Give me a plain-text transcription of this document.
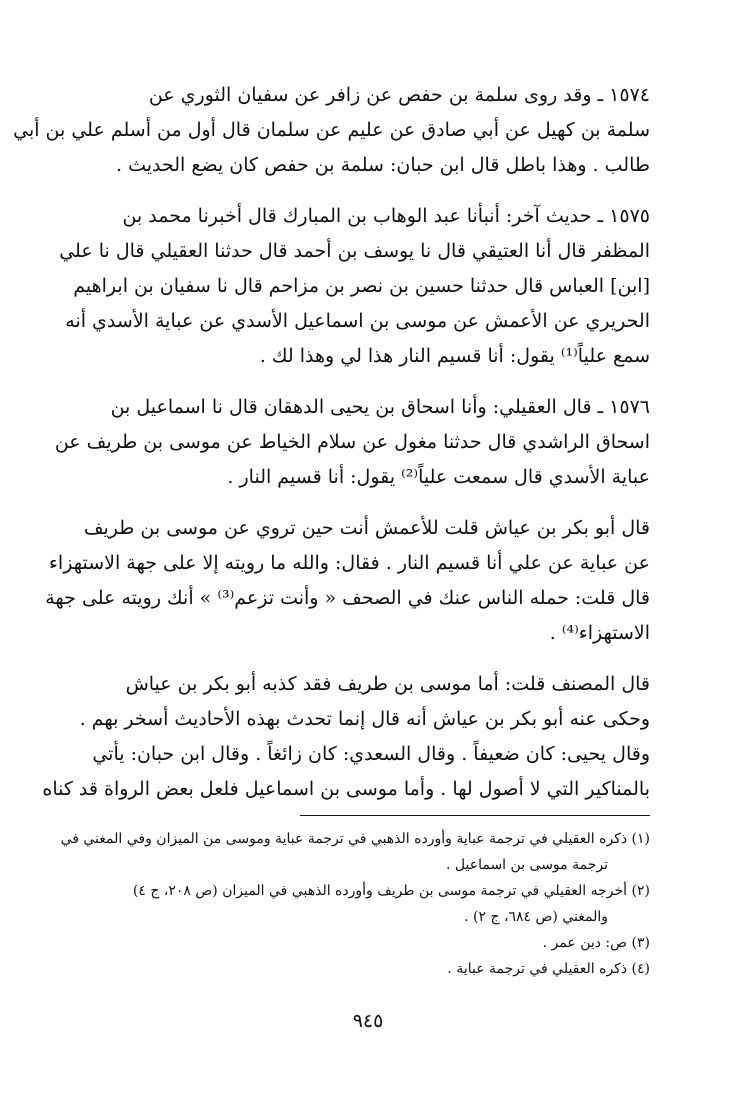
١٥٧٤ ـ وقد روى سلمة بن حفص عن زافر عن سفيان الثوري عن
سلمة بن كهيل عن أبي صادق عن عليم عن سلمان قال أول من أسلم علي بن أبي
طالب . وهذا باطل قال ابن حبان: سلمة بن حفص كان يضع الحديث .
١٥٧٥ ـ حديث آخر: أنبأنا عبد الوهاب بن المبارك قال أخبرنا محمد بن
المظفر قال أنا العتيقي قال نا يوسف بن أحمد قال حدثنا العقيلي قال نا علي
[ابن] العباس قال حدثنا حسين بن نصر بن مزاحم قال نا سفيان بن ابراهيم
الحريري عن الأعمش عن موسى بن اسماعيل الأسدي عن عباية الأسدي أنه
سمع علياً⁽¹⁾ يقول: أنا قسيم النار هذا لي وهذا لك .
١٥٧٦ ـ قال العقيلي: وأنا اسحاق بن يحيى الدهقان قال نا اسماعيل بن
اسحاق الراشدي قال حدثنا مغول عن سلام الخياط عن موسى بن طريف عن
عباية الأسدي قال سمعت علياً⁽²⁾ يقول: أنا قسيم النار .
قال أبو بكر بن عياش قلت للأعمش أنت حين تروي عن موسى بن طريف
عن عباية عن علي أنا قسيم النار . فقال: والله ما رويته إلا على جهة الاستهزاء
قال قلت: حمله الناس عنك في الصحف « وأنت تزعم⁽³⁾ » أنك رويته على جهة
الاستهزاء⁽⁴⁾ .
قال المصنف قلت: أما موسى بن طريف فقد كذبه أبو بكر بن عياش
وحكى عنه أبو بكر بن عياش أنه قال إنما تحدث بهذه الأحاديث أسخر بهم .
وقال يحيى: كان ضعيفاً . وقال السعدي: كان زائغاً . وقال ابن حبان: يأتي
بالمناكير التي لا أصول لها . وأما موسى بن اسماعيل فلعل بعض الرواة قد كناه
(١) ذكره العقيلي في ترجمة عباية وأورده الذهبي في ترجمة عباية وموسى من الميزان وفي المغني في
ترجمة موسى بن اسماعيل .
(٢) أخرجه العقيلي في ترجمة موسى بن طريف وأورده الذهبي في الميزان (ص ٢٠٨، ج ٤)
والمغني (ص ٦٨٤، ج ٢) .
(٣) ص: دين عمر .
(٤) ذكره العقيلي في ترجمة عباية .
٩٤٥
